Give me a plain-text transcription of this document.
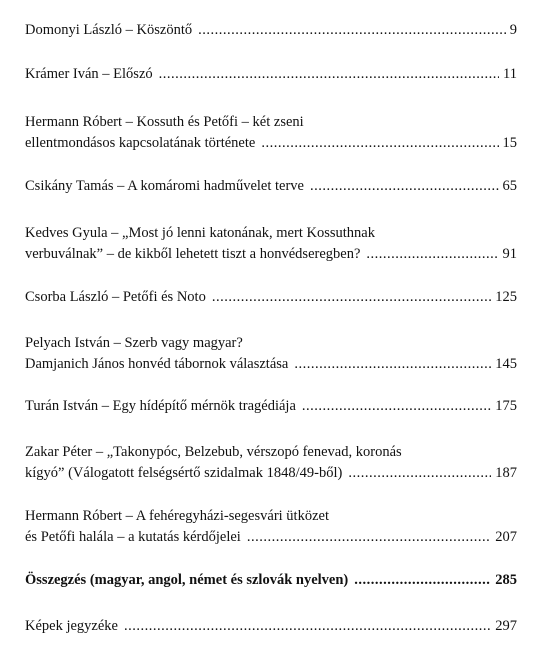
Domonyi László – Köszöntő .....	9
Krámer Iván – Előszó .....	11
Hermann Róbert – Kossuth és Petőfi – két zseni
ellentmondásos kapcsolatának története .....	15
Csikány Tamás – A komáromi hadművelet terve .....	65
Kedves Gyula – „Most jó lenni katonának, mert Kossuthnak
verbuválnak” – de kikből lehetett tiszt a honvédseregben? .....	91
Csorba László – Petőfi és Noto .....	125
Pelyach István – Szerb vagy magyar?
Damjanich János honvéd tábornok választása .....	145
Turán István – Egy hídépítő mérnök tragédiája .....	175
Zakar Péter – „Takonypóc, Belzebub, vérszopó fenevad, koronás
kígyó” (Válogatott felségsértő szidalmak 1848/49-ből) .....	187
Hermann Róbert – A fehéregyházi-segesvári ütközet
és Petőfi halála – a kutatás kérdőjelei .....	207
Összegzés (magyar, angol, német és szlovák nyelven) .....	285
Képek jegyzéke .....	297
